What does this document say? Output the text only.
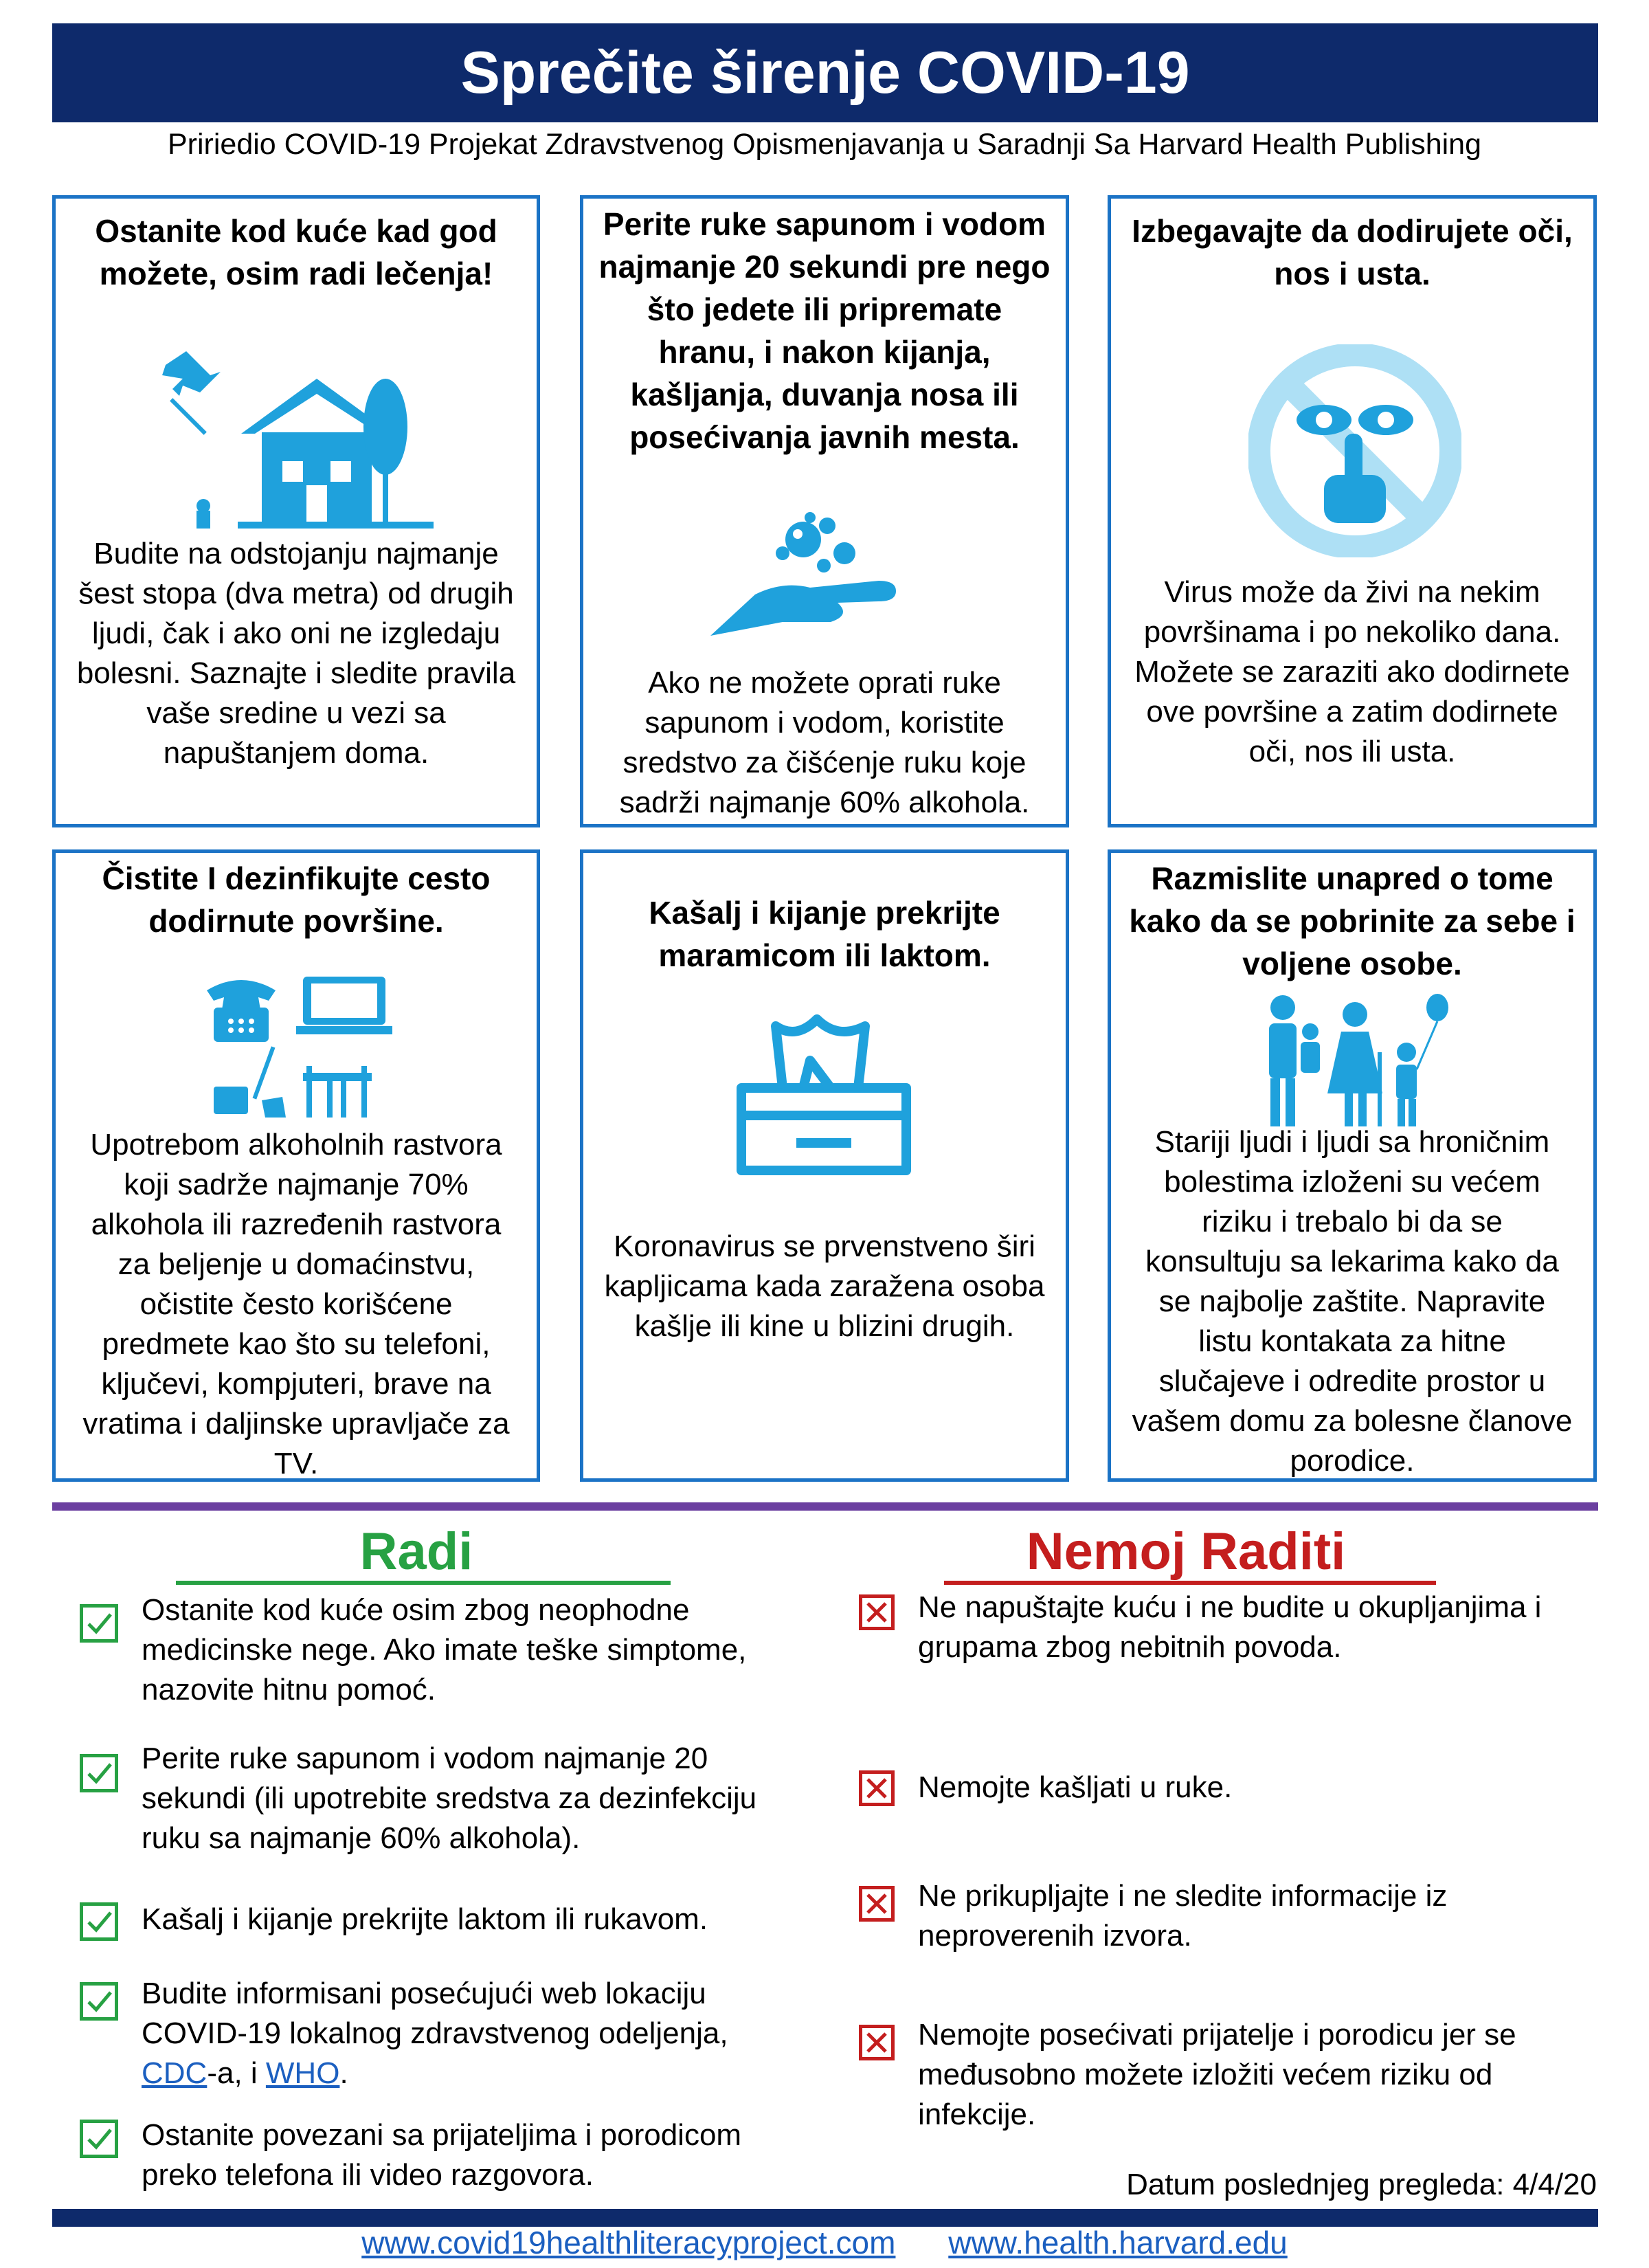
Sprečite širenje COVID-19
Pririedio COVID-19 Projekat Zdravstvenog Opismenjavanja u Saradnji Sa Harvard Health Publishing
Ostanite kod kuće kad god možete, osim radi lečenja!
Budite na odstojanju najmanje šest stopa (dva metra) od drugih ljudi, čak i ako oni ne izgledaju bolesni. Saznajte i sledite pravila vaše sredine u vezi sa napuštanjem doma.
Perite ruke sapunom i vodom najmanje 20 sekundi pre nego što jedete ili pripremate hranu, i nakon kijanja, kašljanja, duvanja nosa ili posećivanja javnih mesta.
Ako ne možete oprati ruke sapunom i vodom, koristite sredstvo za čišćenje ruku koje sadrži najmanje 60% alkohola.
Izbegavajte da dodirujete oči, nos i usta.
Virus može da živi na nekim površinama i po nekoliko dana. Možete se zaraziti ako dodirnete ove površine a zatim dodirnete oči, nos ili usta.
Čistite I dezinfikujte cesto dodirnute površine.
Upotrebom alkoholnih rastvora koji sadrže najmanje 70% alkohola ili razređenih rastvora za beljenje u domaćinstvu, očistite često korišćene predmete kao što su telefoni, ključevi, kompjuteri, brave na vratima i daljinske upravljače za TV.
Kašalj i kijanje prekrijte maramicom ili laktom.
Koronavirus se prvenstveno širi kapljicama kada zaražena osoba kašlje ili kine u blizini drugih.
Razmislite unapred o tome kako da se pobrinite za sebe i voljene osobe.
Stariji ljudi i ljudi sa hroničnim bolestima izloženi su većem riziku i trebalo bi da se konsultuju sa lekarima kako da se najbolje zaštite. Napravite listu kontakata za hitne slučajeve i odredite prostor u vašem domu za bolesne članove porodice.
Radi
Ostanite kod kuće osim zbog neophodne medicinske nege. Ako imate teške simptome, nazovite hitnu pomoć.
Perite ruke sapunom i vodom najmanje 20 sekundi (ili upotrebite sredstva za dezinfekciju ruku sa najmanje 60% alkohola).
Kašalj i kijanje prekrijte laktom ili rukavom.
Budite informisani posećujući web lokaciju COVID-19 lokalnog zdravstvenog odeljenja,
CDC-a, i WHO.
Ostanite povezani sa prijateljima i porodicom preko telefona ili video razgovora.
Nemoj Raditi
Ne napuštajte kuću i ne budite u okupljanjima i grupama zbog nebitnih povoda.
Nemojte kašljati u ruke.
Ne prikupljajte i ne sledite informacije iz neproverenih izvora.
Nemojte posećivati prijatelje i porodicu jer se međusobno možete izložiti većem riziku od infekcije.
Datum poslednjeg pregleda: 4/4/20
www.covid19healthliteracyproject.com www.health.harvard.edu
